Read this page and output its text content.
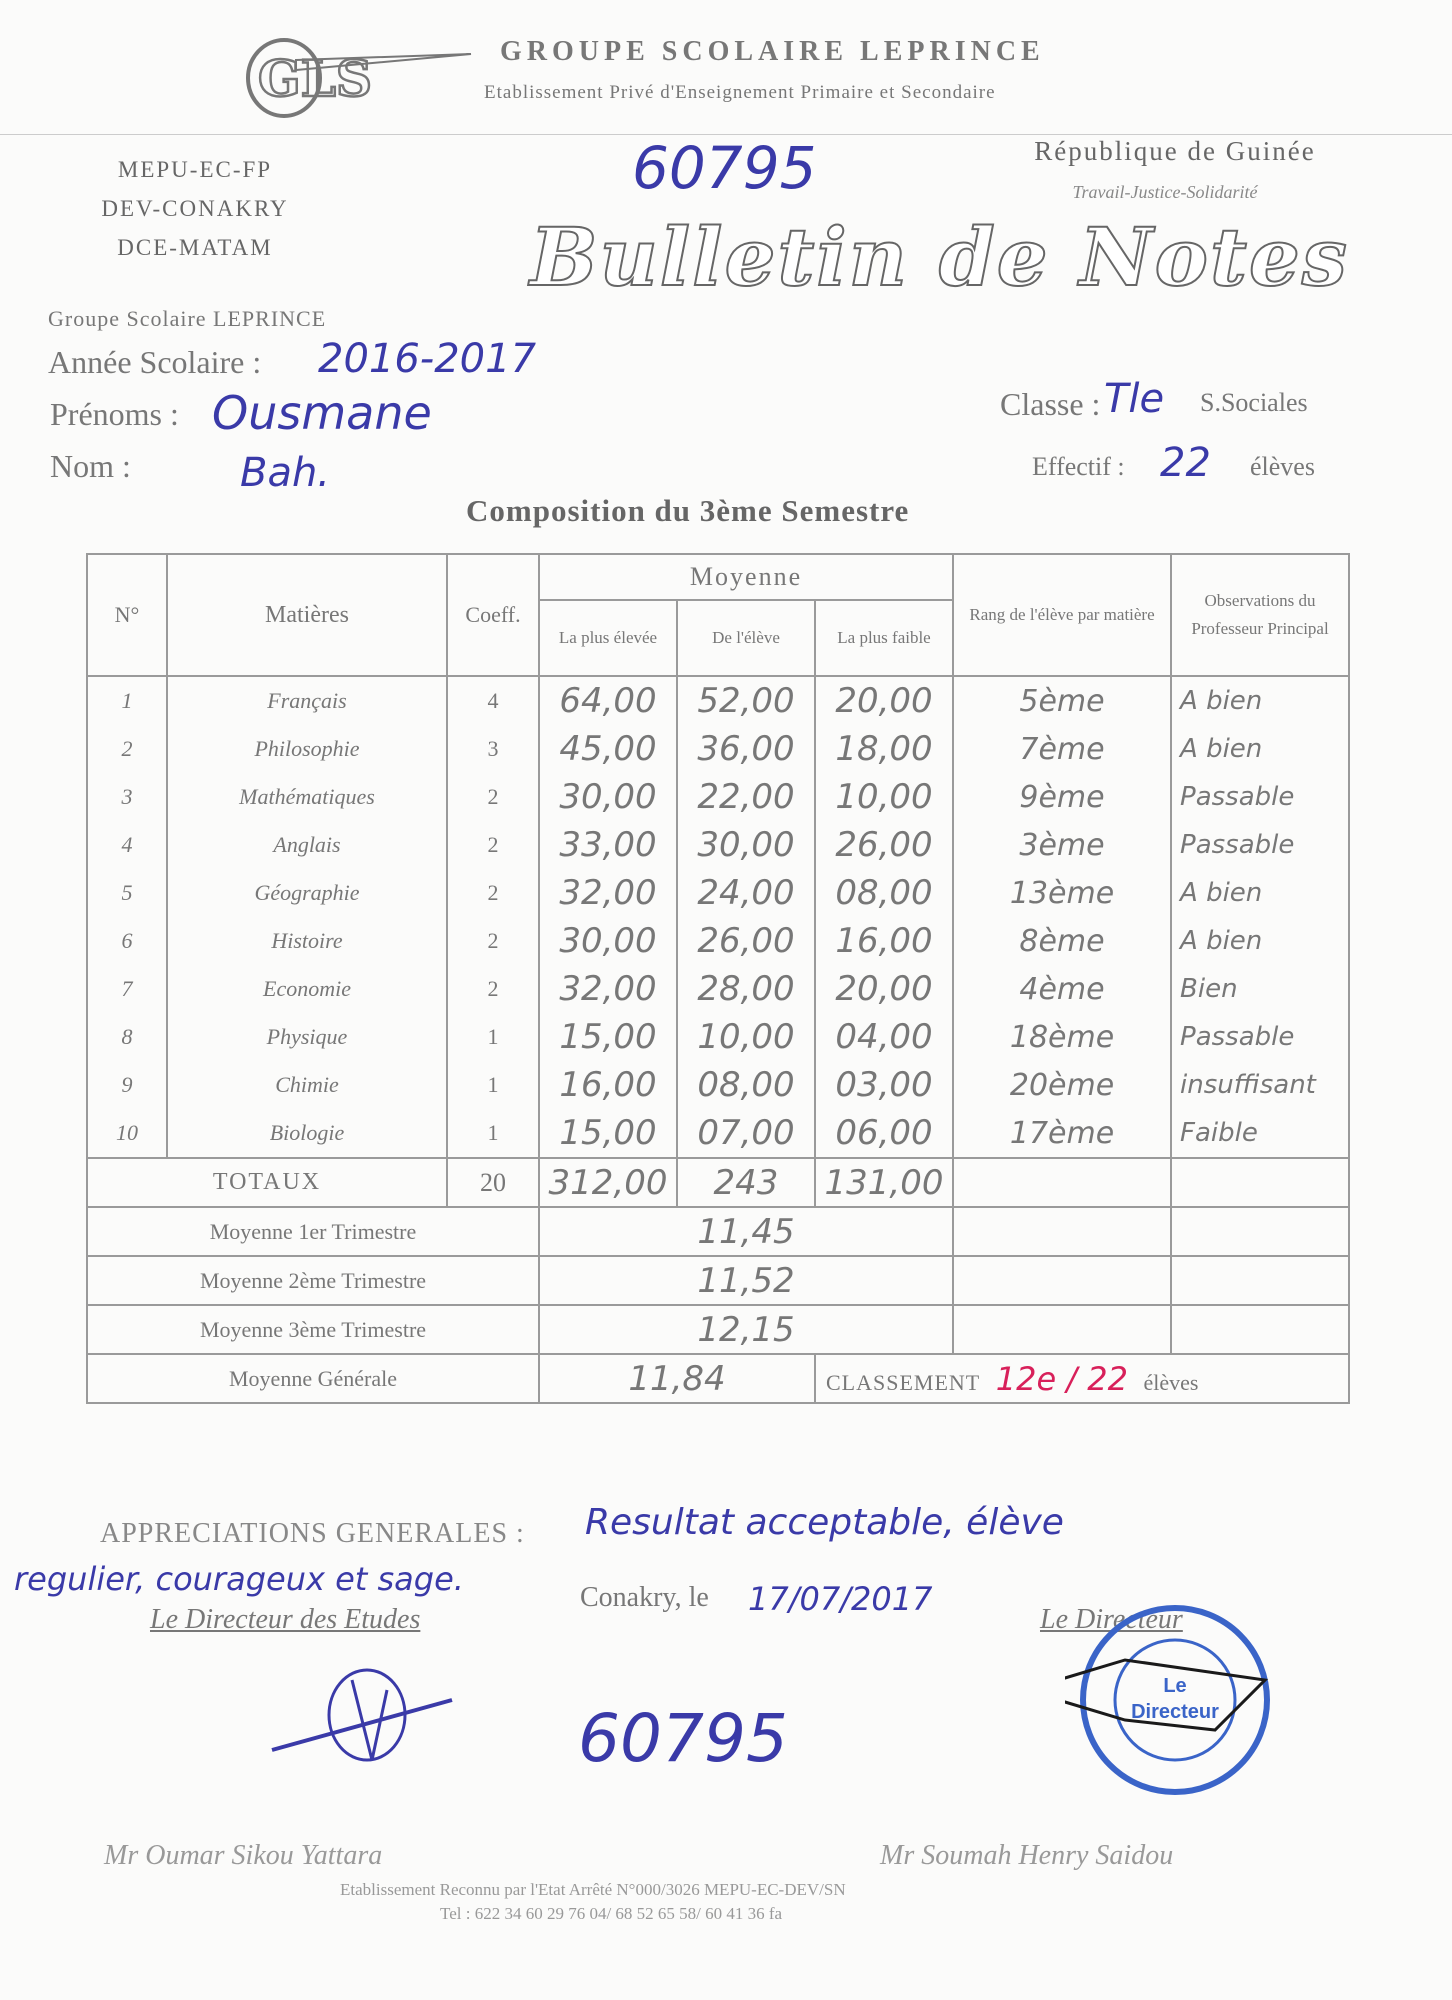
GLS	GROUPE SCOLAIRE LEPRINCE
Etablissement Privé d'Enseignement Primaire et Secondaire
MEPU-EC-FP
DEV-CONAKRY
DCE-MATAM
République de Guinée
Travail-Justice-Solidarité
60795
Bulletin de Notes
Groupe Scolaire LEPRINCE
Année Scolaire : 2016-2017
Prénoms : Ousmane
Nom :	Bah.
Classe : Tle S.Sociales
Effectif : 22 élèves
Composition du 3ème Semestre
N°	Matières	Coeff.	Moyenne			Rang de l'élève par matière	Observations du Professeur Principal
			La plus élevée	De l'élève	La plus faible		
1	Français	4	64,00	52,00	20,00	5ème	A bien
2	Philosophie	3	45,00	36,00	18,00	7ème	A bien
3	Mathématiques	2	30,00	22,00	10,00	9ème	Passable
4	Anglais	2	33,00	30,00	26,00	3ème	Passable
5	Géographie	2	32,00	24,00	08,00	13ème	A bien
6	Histoire	2	30,00	26,00	16,00	8ème	A bien
7	Economie	2	32,00	28,00	20,00	4ème	Bien
8	Physique	1	15,00	10,00	04,00	18ème	Passable
9	Chimie	1	16,00	08,00	03,00	20ème	insuffisant
10	Biologie	1	15,00	07,00	06,00	17ème	Faible
TOTAUX		20	312,00	243	131,00		
Moyenne 1er Trimestre			11,45				
Moyenne 2ème Trimestre			11,52				
Moyenne 3ème Trimestre			12,15				
Moyenne Générale			11,84		CLASSEMENT 12e / 22 élèves		
APPRECIATIONS GENERALES : Resultat acceptable, élève
regulier, courageux et sage.
Le Directeur des Etudes
Conakry, le 17/07/2017
Le Directeur
60795
Le
Directeur
Mr Oumar Sikou Yattara	Mr Soumah Henry Saidou
Etablissement Reconnu par l'Etat Arrêté N°000/3026 MEPU-EC-DEV/SN
Tel : 622 34 60 29 76 04/ 68 52 65 58/ 60 41 36 fa
